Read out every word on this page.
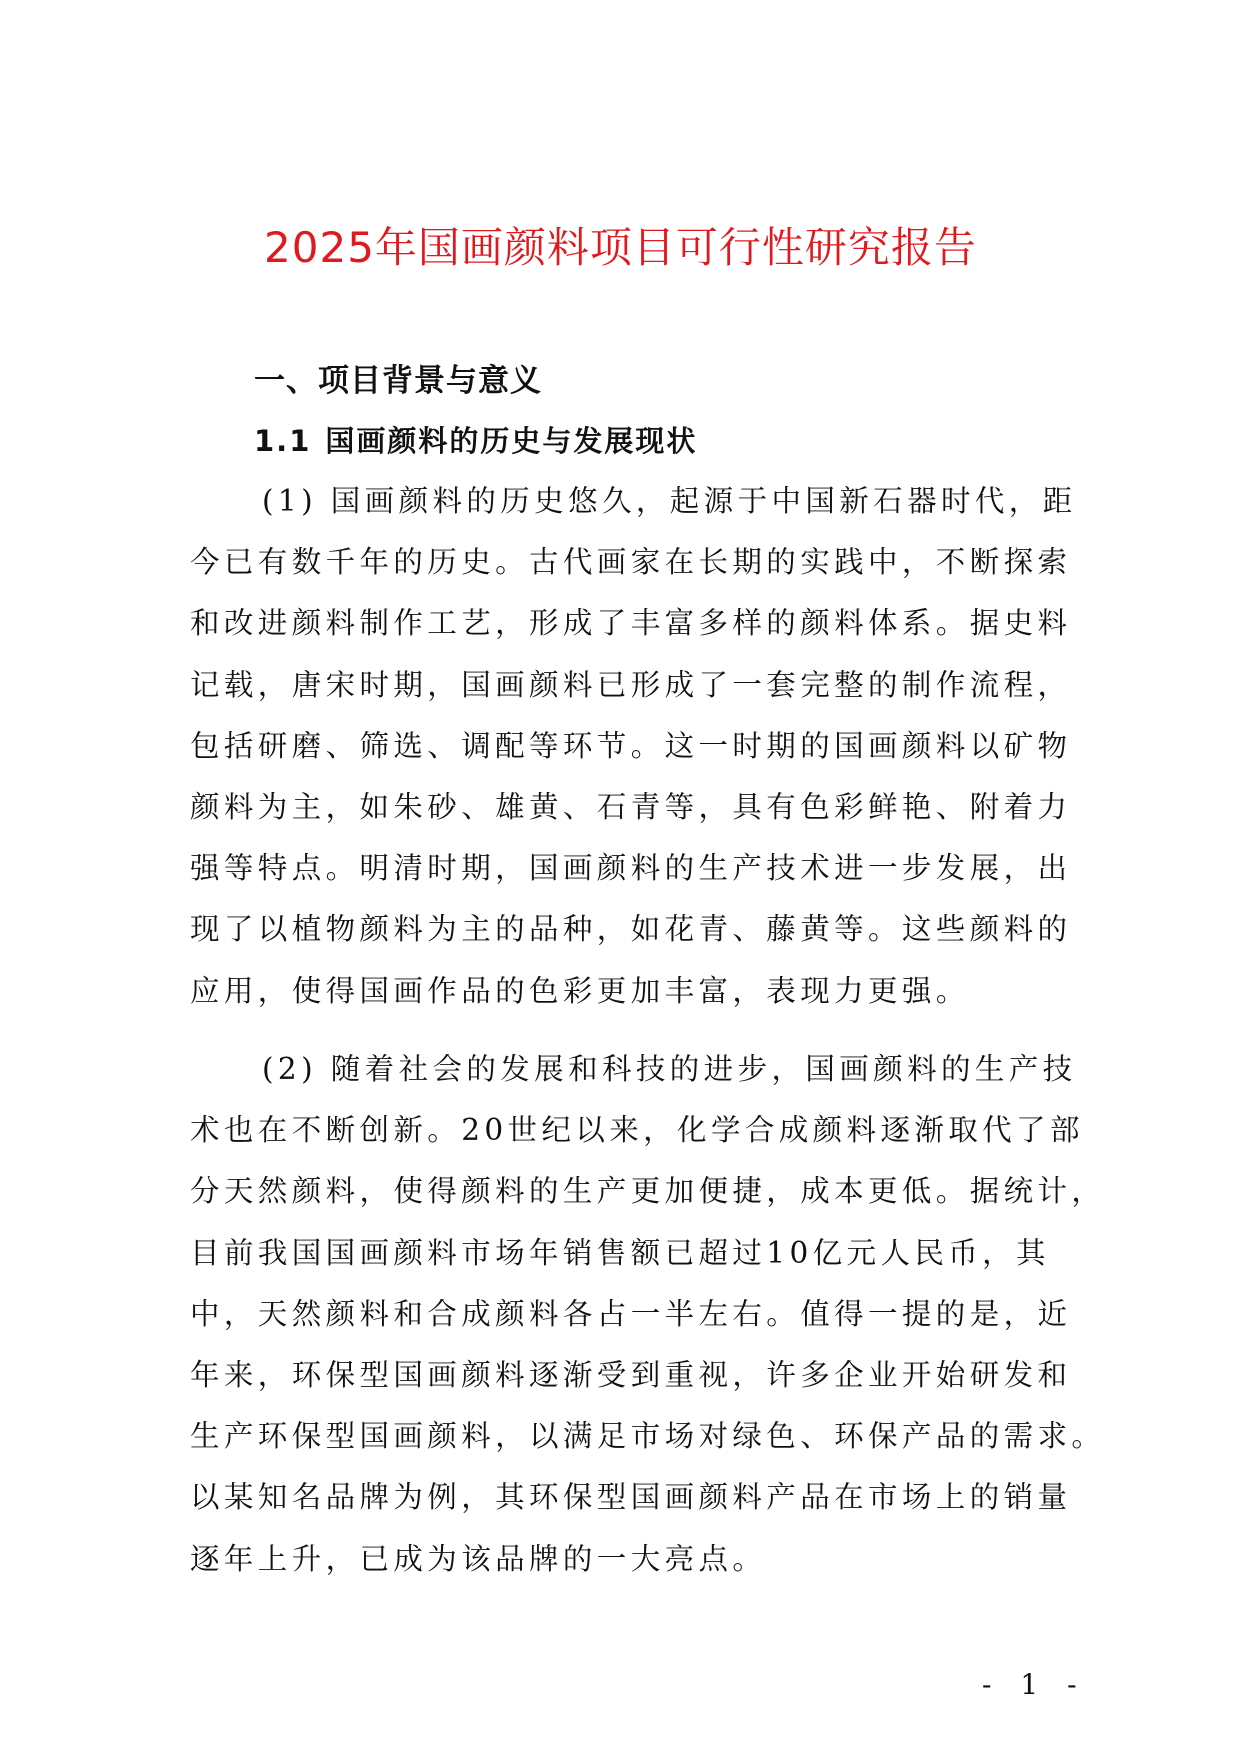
2025年国画颜料项目可行性研究报告
一、项目背景与意义
1.1 国画颜料的历史与发展现状
(1) 国画颜料的历史悠久，起源于中国新石器时代，距
今已有数千年的历史。古代画家在长期的实践中，不断探索
和改进颜料制作工艺，形成了丰富多样的颜料体系。据史料
记载，唐宋时期，国画颜料已形成了一套完整的制作流程，
包括研磨、筛选、调配等环节。这一时期的国画颜料以矿物
颜料为主，如朱砂、雄黄、石青等，具有色彩鲜艳、附着力
强等特点。明清时期，国画颜料的生产技术进一步发展，出
现了以植物颜料为主的品种，如花青、藤黄等。这些颜料的
应用，使得国画作品的色彩更加丰富，表现力更强。
(2) 随着社会的发展和科技的进步，国画颜料的生产技
术也在不断创新。20世纪以来，化学合成颜料逐渐取代了部
分天然颜料，使得颜料的生产更加便捷，成本更低。据统计，
目前我国国画颜料市场年销售额已超过10亿元人民币，其
中，天然颜料和合成颜料各占一半左右。值得一提的是，近
年来，环保型国画颜料逐渐受到重视，许多企业开始研发和
生产环保型国画颜料，以满足市场对绿色、环保产品的需求。
以某知名品牌为例，其环保型国画颜料产品在市场上的销量
逐年上升，已成为该品牌的一大亮点。
- 1 -
